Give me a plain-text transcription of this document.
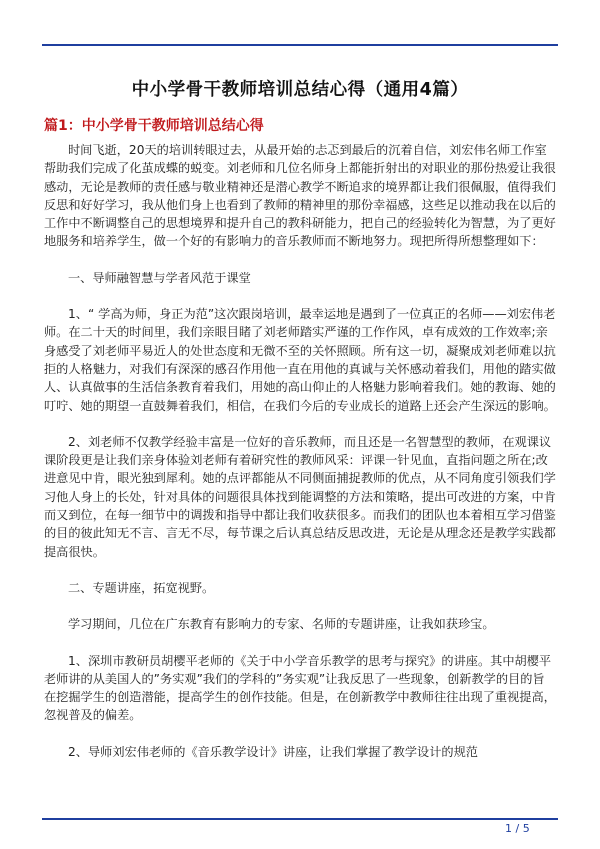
中小学骨干教师培训总结心得（通用4篇）
篇1：中小学骨干教师培训总结心得

时间飞逝，20天的培训转眼过去，从最开始的忐忑到最后的沉着自信，刘宏伟名师工作室帮助我们完成了化茧成蝶的蜕变。刘老师和几位名师身上都能折射出的对职业的那份热爱让我很感动，无论是教师的责任感与敬业精神还是潜心教学不断追求的境界都让我们很佩服，值得我们反思和好好学习，我从他们身上也看到了教师的精神里的那份幸福感，这些足以推动我在以后的工作中不断调整自己的思想境界和提升自己的教科研能力，把自己的经验转化为智慧，为了更好地服务和培养学生，做一个好的有影响力的音乐教师而不断地努力。现把所得所想整理如下：

一、导师融智慧与学者风范于课堂

1、“ 学高为师，身正为范”这次跟岗培训，最幸运地是遇到了一位真正的名师——刘宏伟老师。在二十天的时间里，我们亲眼目睹了刘老师踏实严谨的工作作风，卓有成效的工作效率;亲身感受了刘老师平易近人的处世态度和无微不至的关怀照顾。所有这一切，凝聚成刘老师难以抗拒的人格魅力，对我们有深深的感召作用他一直在用他的真诚与关怀感动着我们，用他的踏实做人、认真做事的生活信条教育着我们，用她的高山仰止的人格魅力影响着我们。她的教诲、她的叮咛、她的期望一直鼓舞着我们，相信，在我们今后的专业成长的道路上还会产生深远的影响。

2、刘老师不仅教学经验丰富是一位好的音乐教师，而且还是一名智慧型的教师，在观课议课阶段更是让我们亲身体验刘老师有着研究性的教师风采：评课一针见血，直指问题之所在;改进意见中肯，眼光独到犀利。她的点评都能从不同侧面捕捉教师的优点，从不同角度引领我们学习他人身上的长处，针对具体的问题很具体找到能调整的方法和策略，提出可改进的方案，中肯而又到位，在每一细节中的调拨和指导中都让我们收获很多。而我们的团队也本着相互学习借鉴的目的彼此知无不言、言无不尽，每节课之后认真总结反思改进，无论是从理念还是教学实践都提高很快。

二、专题讲座，拓宽视野。

学习期间，几位在广东教育有影响力的专家、名师的专题讲座，让我如获珍宝。

1、深圳市教研员胡樱平老师的《关于中小学音乐教学的思考与探究》的讲座。其中胡樱平老师讲的从美国人的”务实观”我们的学科的”务实观”让我反思了一些现象，创新教学的目的旨在挖掘学生的创造潜能，提高学生的创作技能。但是，在创新教学中教师往往出现了重视提高，忽视普及的偏差。

2、导师刘宏伟老师的《音乐教学设计》讲座，让我们掌握了教学设计的规范

1 / 5
